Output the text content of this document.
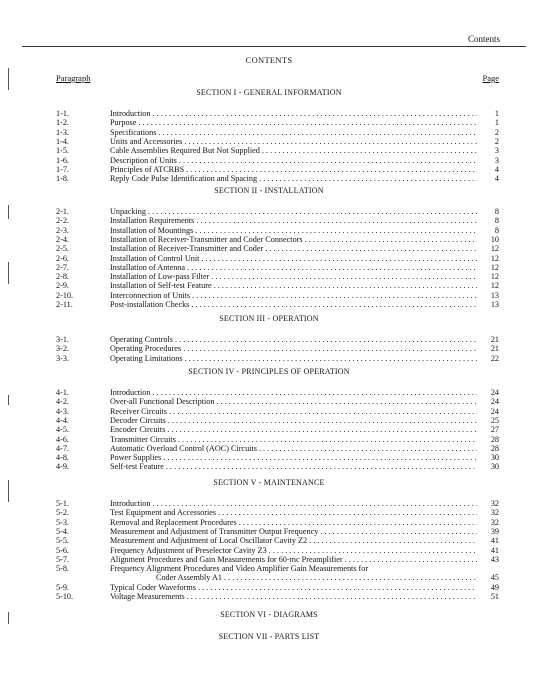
Contents
CONTENTS
Paragraph	Page
SECTION I - GENERAL INFORMATION
1-1.	Introduction . . .	1
1-2.	Purpose . . .	1
1-3.	Specifications . . .	2
1-4.	Units and Accessories . . .	2
1-5.	Cable Assemblies Required But Not Supplied . . .	3
1-6.	Description of Units . . .	3
1-7.	Principles of ATCRBS . . .	4
1-8.	Reply Code Pulse Identification and Spacing . . .	4
SECTION II - INSTALLATION
2-1.	Unpacking . . .	8
2-2.	Installation Requirements . . .	8
2-3.	Installation of Mountings . . .	8
2-4.	Installation of Receiver-Transmitter and Coder Connectors . . .	10
2-5.	Installation of Receiver-Transmitter and Coder . . .	12
2-6.	Installation of Control Unit . . .	12
2-7.	Installation of Antenna . . .	12
2-8.	Installation of Low-pass Filter . . .	12
2-9.	Installation of Self-test Feature . . .	12
2-10.	Interconnection of Units . . .	13
2-11.	Post-installation Checks . . .	13
SECTION III - OPERATION
3-1.	Operating Controls . . .	21
3-2.	Operating Procedures . . .	21
3-3.	Operating Limitations . . .	22
SECTION IV - PRINCIPLES OF OPERATION
4-1.	Introduction . . .	24
4-2.	Over-all Functional Description . . .	24
4-3.	Receiver Circuits . . .	24
4-4.	Decoder Circuits . . .	25
4-5.	Encoder Circuits . . .	27
4-6.	Transmitter Circuits . . .	28
4-7.	Automatic Overload Control (AOC) Circuits . . .	28
4-8.	Power Supplies . . .	30
4-9.	Self-test Feature . . .	30
SECTION V - MAINTENANCE
5-1.	Introduction . . .	32
5-2.	Test Equipment and Accessories . . .	32
5-3.	Removal and Replacement Procedures . . .	32
5-4.	Measurement and Adjustment of Transmitter Output Frequency . . .	39
5-5.	Measurement and Adjustment of Local Oscillator Cavity Z2 . . .	41
5-6.	Frequency Adjustment of Preselector Cavity Z3 . . .	41
5-7.	Alignment Procedures and Gain Measurements for 60-mc Preamplifier . . .	43
5-8.	Frequency Alignment Procedures and Video Amplifier Gain Measurements for
Coder Assembly A1 . . .	45
5-9.	Typical Coder Waveforms . . .	49
5-10.	Voltage Measurements . . .	51
SECTION VI - DIAGRAMS
SECTION VII - PARTS LIST
